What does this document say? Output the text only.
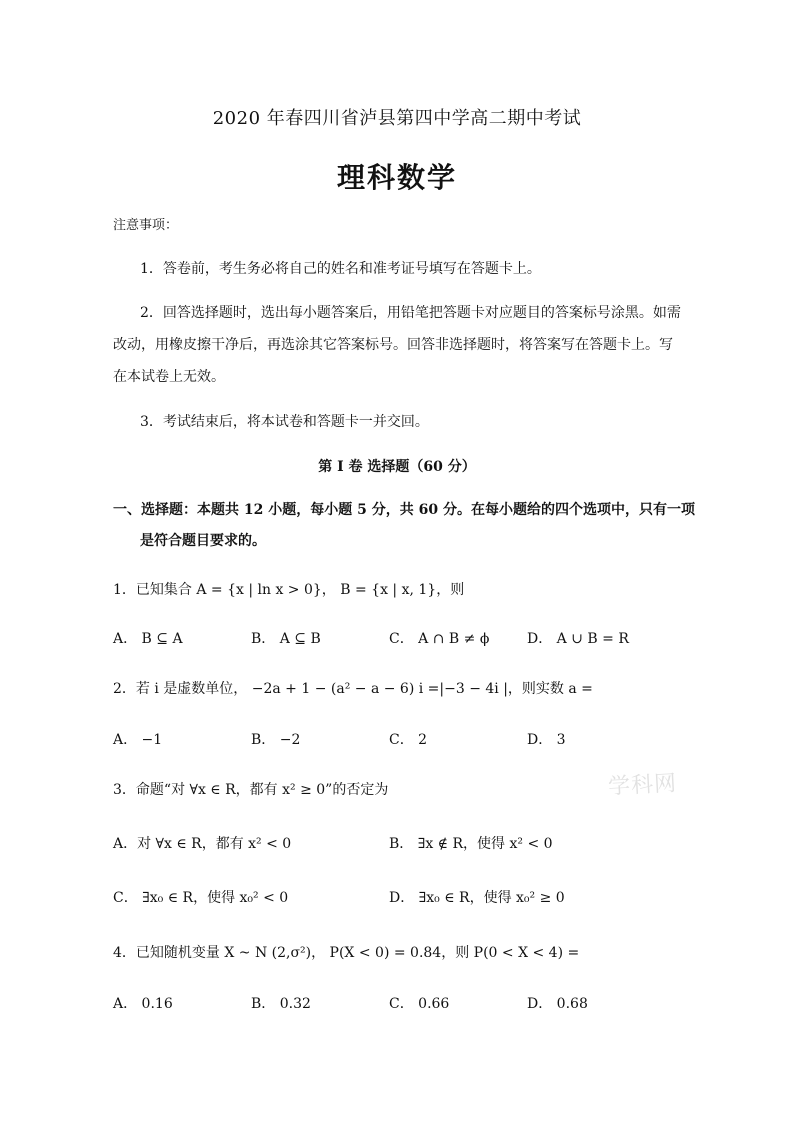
2020 年春四川省泸县第四中学高二期中考试
理科数学
注意事项：
1．答卷前，考生务必将自己的姓名和准考证号填写在答题卡上。
2．回答选择题时，选出每小题答案后，用铅笔把答题卡对应题目的答案标号涂黑。如需
改动，用橡皮擦干净后，再选涂其它答案标号。回答非选择题时，将答案写在答题卡上。写
在本试卷上无效。
3．考试结束后，将本试卷和答题卡一并交回。
第 I 卷 选择题（60 分）
一、选择题：本题共 12 小题，每小题 5 分，共 60 分。在每小题给的四个选项中，只有一项
是符合题目要求的。
1．已知集合 A = {x | ln x > 0}， B = {x | x, 1}，则
A． B ⊆ A	B． A ⊆ B	C． A ∩ B ≠ ϕ	D． A ∪ B = R
2．若 i 是虚数单位， −2a + 1 − (a² − a − 6) i =|−3 − 4i |，则实数 a =
A． −1	B． −2	C． 2	D． 3
3．命题“对 ∀x ∈ R，都有 x² ≥ 0”的否定为
A．对 ∀x ∈ R，都有 x² < 0	B． ∃x ∉ R，使得 x² < 0
C． ∃x₀ ∈ R，使得 x₀² < 0	D． ∃x₀ ∈ R，使得 x₀² ≥ 0
4．已知随机变量 X ~ N (2,σ²)， P(X < 0) = 0.84，则 P(0 < X < 4) =
A． 0.16	B． 0.32	C． 0.66	D． 0.68
学科网
